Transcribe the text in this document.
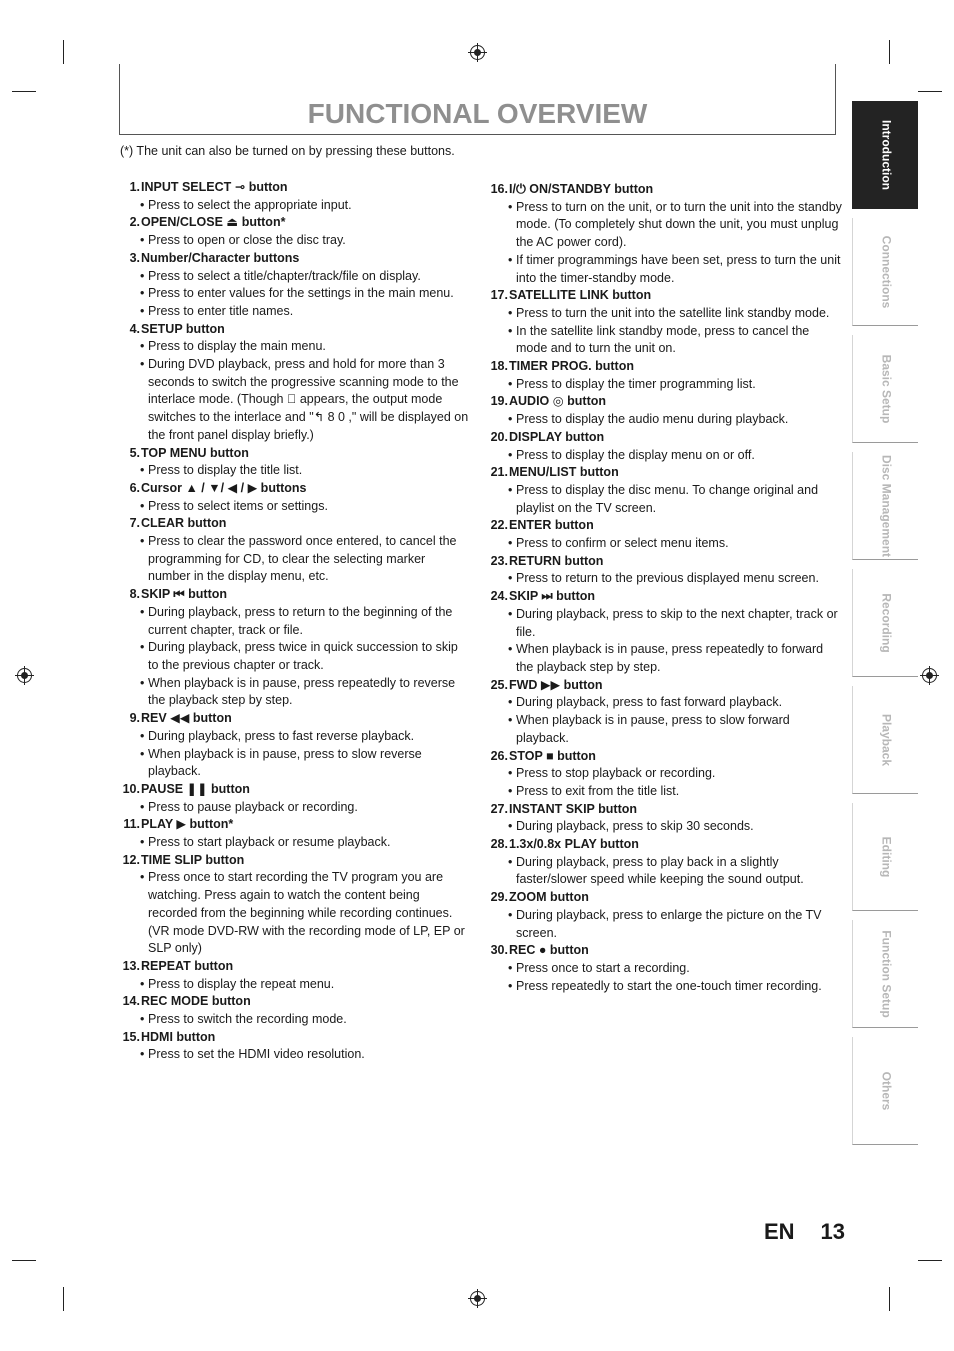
FUNCTIONAL OVERVIEW
(*) The unit can also be turned on by pressing these buttons.
1. INPUT SELECT ⊸ button
• Press to select the appropriate input.
2. OPEN/CLOSE ⏏ button*
• Press to open or close the disc tray.
3. Number/Character buttons
• Press to select a title/chapter/track/file on display.
• Press to enter values for the settings in the main menu.
• Press to enter title names.
4. SETUP button
• Press to display the main menu.
• During DVD playback, press and hold for more than 3 seconds to switch the progressive scanning mode to the interlace mode. (Though ⃠ appears, the output mode switches to the interlace and "↰ 8 0 ," will be displayed on the front panel display briefly.)
5. TOP MENU button
• Press to display the title list.
6. Cursor ▲ / ▼/ ◀ / ▶ buttons
• Press to select items or settings.
7. CLEAR button
• Press to clear the password once entered, to cancel the programming for CD, to clear the selecting marker number in the display menu, etc.
8. SKIP ⏮ button
• During playback, press to return to the beginning of the current chapter, track or file.
• During playback, press twice in quick succession to skip to the previous chapter or track.
• When playback is in pause, press repeatedly to reverse the playback step by step.
9. REV ◀◀ button
• During playback, press to fast reverse playback.
• When playback is in pause, press to slow reverse playback.
10. PAUSE ❚❚ button
• Press to pause playback or recording.
11. PLAY ▶ button*
• Press to start playback or resume playback.
12. TIME SLIP button
• Press once to start recording the TV program you are watching. Press again to watch the content being recorded from the beginning while recording continues. (VR mode DVD-RW with the recording mode of LP, EP or SLP only)
13. REPEAT button
• Press to display the repeat menu.
14. REC MODE button
• Press to switch the recording mode.
15. HDMI button
• Press to set the HDMI video resolution.
16. I/⏻ ON/STANDBY button
• Press to turn on the unit, or to turn the unit into the standby mode. (To completely shut down the unit, you must unplug the AC power cord).
• If timer programmings have been set, press to turn the unit into the timer-standby mode.
17. SATELLITE LINK button
• Press to turn the unit into the satellite link standby mode.
• In the satellite link standby mode, press to cancel the mode and to turn the unit on.
18. TIMER PROG. button
• Press to display the timer programming list.
19. AUDIO ◎ button
• Press to display the audio menu during playback.
20. DISPLAY button
• Press to display the display menu on or off.
21. MENU/LIST button
• Press to display the disc menu. To change original and playlist on the TV screen.
22. ENTER button
• Press to confirm or select menu items.
23. RETURN button
• Press to return to the previous displayed menu screen.
24. SKIP ⏭ button
• During playback, press to skip to the next chapter, track or file.
• When playback is in pause, press repeatedly to forward the playback step by step.
25. FWD ▶▶ button
• During playback, press to fast forward playback.
• When playback is in pause, press to slow forward playback.
26. STOP ■ button
• Press to stop playback or recording.
• Press to exit from the title list.
27. INSTANT SKIP button
• During playback, press to skip 30 seconds.
28. 1.3x/0.8x PLAY button
• During playback, press to play back in a slightly faster/slower speed while keeping the sound output.
29. ZOOM button
• During playback, press to enlarge the picture on the TV screen.
30. REC ● button
• Press once to start a recording.
• Press repeatedly to start the one-touch timer recording.
Introduction
Connections
Basic Setup
Disc Management
Recording
Playback
Editing
Function Setup
Others
EN 13
